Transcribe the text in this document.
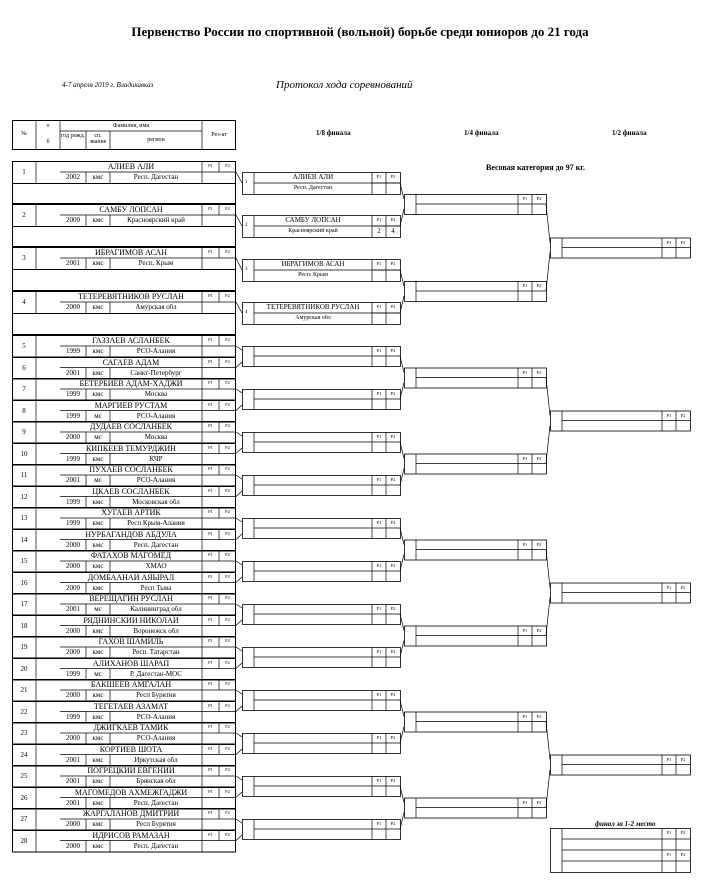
Первенство России по спортивной (вольной) борьбе среди юниоров до 21 года
4-7 апреля 2019 г. Владикавказ	Протокол хода соревнований
№
о
б
Фамилия, имя
год рожд.	сп. звание	регион
Рез-ат	1/8 финала	1/4 финала	1/2 финала
Весовая категория до 97 кг.
финал за 1-2 место
1
АЛИЕВ АЛИ
2002	кмс	Респ. Дагестан
P1	P2
2
САМБУ ЛОПСАН
2000	кмс	Красноярский край
P1	P2
3
ИБРАГИМОВ АСАН
2001	кмс	Респ. Крым
P1	P2
4
ТЕТЕРЕВЯТНИКОВ РУСЛАН
2000	кмс	Амурская обл
P1	P2
5
ГАЗЗАЕВ АСЛАНБЕК
1999	кмс	РСО-Алания
P1	P2
6
САГАЕВ АДАМ
2001	кмс	Санкт-Петербург
P1	P2
7
БЕТЕРБИЕВ АДАМ-ХАДЖИ
1999	кмс	Москва
P1	P2
8
МАРГИЕВ РУСТАМ
1999	мс	РСО-Алания
P1	P2
9
ДУДАЕВ СОСЛАНБЕК
2000	мс	Москва
P1	P2
10
КИПКЕЕВ ТЕМУРДЖИН
1999	кмс	КЧР
P1	P2
11
ПУХАЕВ СОСЛАНБЕК
2001	мс	РСО-Алания
P1	P2
12
ЦКАЕВ СОСЛАНБЕК
1999	кмс	Московская обл
P1	P2
13
ХУГАЕВ АРТИК
1999	кмс	Респ Крым-Алания
P1	P2
14
НУРБАГАНДОВ АБДУЛА
2000	кмс	Респ. Дагестан
P1	P2
15
ФАТАХОВ МАГОМЕД
2000	кмс	ХМАО
P1	P2
16
ДОМБААНАЙ АЯЫРАЛ
2000	кмс	Респ Тыва
P1	P2
17
ВЕРЕЩАГИН РУСЛАН
2001	мс	Калининград обл
P1	P2
18
РЯДНИНСКИЙ НИКОЛАЙ
2000	кмс	Воронежск обл
P1	P2
19
ГАХОВ ШАМИЛЬ
2000	кмс	Респ. Татарстан
P1	P2
20
АЛИХАНОВ ШАРАП
1999	мс	Р. Дагестан-МОС
P1	P2
21
БАКШЕЕВ АМГАЛАН
2000	кмс	Респ Бурятия
P1	P2
22
ТЕГЕТАЕВ АЗАМАТ
1999	кмс	РСО-Алания
P1	P2
23
ДЖИГКАЕВ ТАМИК
2000	кмс	РСО-Алания
P1	P2
24
КОРТИЕВ ШОТА
2001	кмс	Иркутская обл
P1	P2
25
ПОГРЕЦКИЙ ЕВГЕНИЙ
2001	кмс	Брянская обл
P1	P2
26
МАГОМЕДОВ АХМЕЖГАДЖИ
2001	кмс	Респ. Дагестан
P1	P2
27
ЖАРГАЛАНОВ ДМИТРИЙ
2000	кмс	Респ Бурятия
P1	P2
28
ИДРИСОВ РАМАЗАН
2000	кмс	Респ. Дагестан
P1	P2
1
АЛИЕВ АЛИ
Респ. Дагестан
P1	P2
2
САМБУ ЛОПСАН
Красноярский край
P1	P2
2	4
3
ИБРАГИМОВ АСАН
Респ. Крым
P1	P2
4
ТЕТЕРЕВЯТНИКОВ РУСЛАН
Амурская обл
P1	P2
P1	P2
P1	P2
P1	P2
P1	P2
P1	P2
P1	P2
P1	P2
P1	P2
P1	P2
P1	P2
P1	P2
P1	P2
P1	P2
P1	P2
P1	P2
P1	P2
P1	P2
P1	P2
P1	P2
P1	P2
P1	P2
P1	P2
P1	P2
P1	P2
P1	P2
P1	P2
